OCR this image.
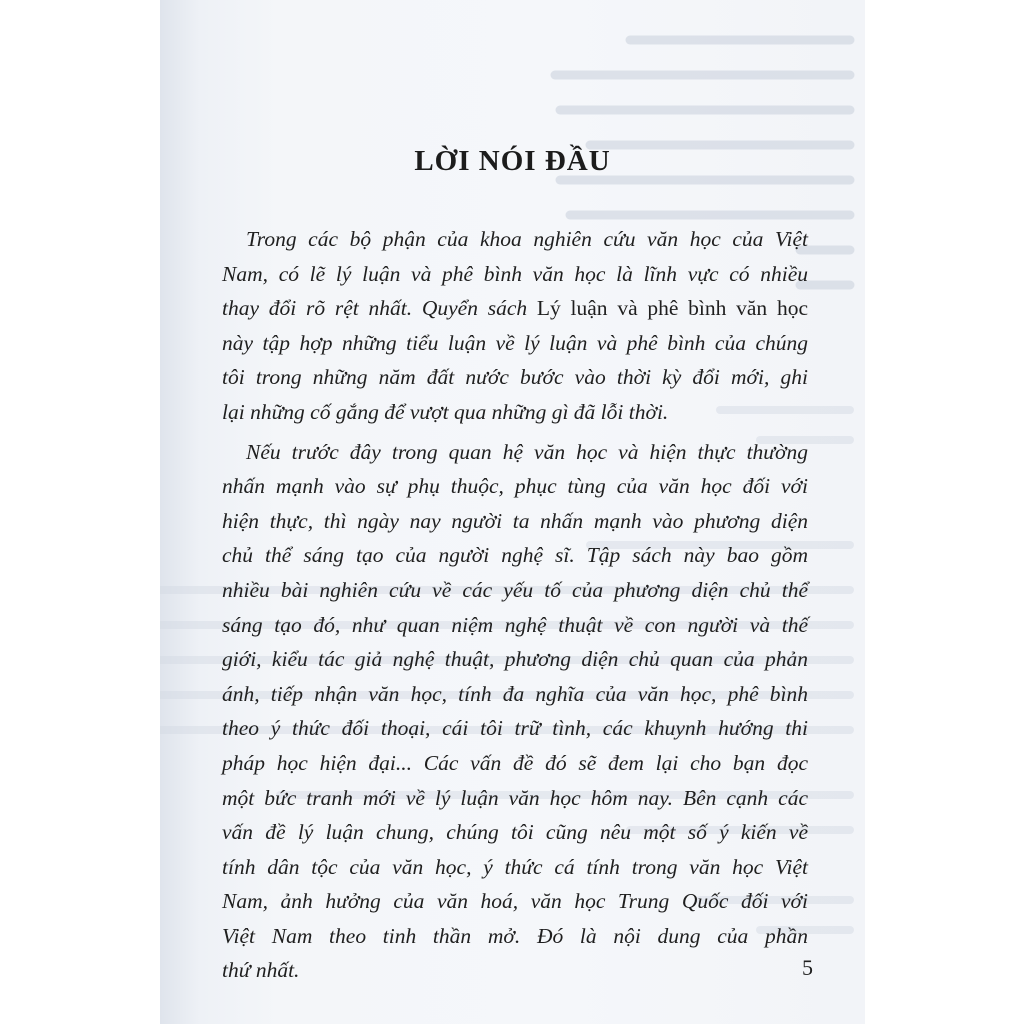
LỜI NÓI ĐẦU
Trong các bộ phận của khoa nghiên cứu văn học của Việt
Nam, có lẽ lý luận và phê bình văn học là lĩnh vực có nhiều
thay đổi rõ rệt nhất. Quyển sách Lý luận và phê bình văn học
này tập hợp những tiểu luận về lý luận và phê bình của chúng
tôi trong những năm đất nước bước vào thời kỳ đổi mới, ghi
lại những cố gắng để vượt qua những gì đã lỗi thời.
Nếu trước đây trong quan hệ văn học và hiện thực thường
nhấn mạnh vào sự phụ thuộc, phục tùng của văn học đối với
hiện thực, thì ngày nay người ta nhấn mạnh vào phương diện
chủ thể sáng tạo của người nghệ sĩ. Tập sách này bao gồm
nhiều bài nghiên cứu về các yếu tố của phương diện chủ thể
sáng tạo đó, như quan niệm nghệ thuật về con người và thế
giới, kiểu tác giả nghệ thuật, phương diện chủ quan của phản
ánh, tiếp nhận văn học, tính đa nghĩa của văn học, phê bình
theo ý thức đối thoại, cái tôi trữ tình, các khuynh hướng thi
pháp học hiện đại... Các vấn đề đó sẽ đem lại cho bạn đọc
một bức tranh mới về lý luận văn học hôm nay. Bên cạnh các
vấn đề lý luận chung, chúng tôi cũng nêu một số ý kiến về
tính dân tộc của văn học, ý thức cá tính trong văn học Việt
Nam, ảnh hưởng của văn hoá, văn học Trung Quốc đối với
Việt Nam theo tinh thần mở. Đó là nội dung của phần
thứ nhất.	5
